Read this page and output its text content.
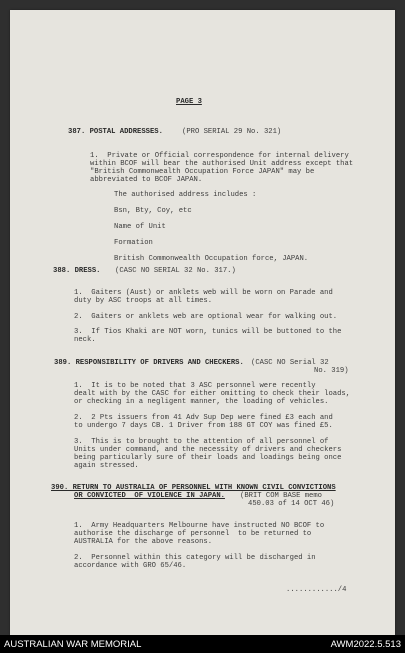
PAGE 3
387. POSTAL ADDRESSES.	(PRO SERIAL 29 No. 321)
1.  Private or Official correspondence for internal delivery
within BCOF will bear the authorised Unit address except that
"British Commonwealth Occupation Force JAPAN" may be
abbreviated to BCOF JAPAN.
The authorised address includes :
Bsn, Bty, Coy, etc
Name of Unit
Formation
British Commonwealth Occupation force, JAPAN.
388. DRESS. (CASC NO SERIAL 32 No. 317.)
1.  Gaiters (Aust) or anklets web will be worn on Parade and
duty by ASC troops at all times.
2.  Gaiters or anklets web are optional wear for walking out.
3.  If Tios Khaki are NOT worn, tunics will be buttoned to the
neck.
389. RESPONSIBILITY OF DRIVERS AND CHECKERS. (CASC NO Serial 32
No. 319)
1.  It is to be noted that 3 ASC personnel were recently
dealt with by the CASC for either omitting to check their loads,
or checking in a negligent manner, the loading of vehicles.
2.  2 Pts issuers from 41 Adv Sup Dep were fined £3 each and
to undergo 7 days CB. 1 Driver from 188 GT COY was fined £5.
3.  This is to brought to the attention of all personnel of
Units under command, and the necessity of drivers and checkers
being particularly sure of their loads and loadings being once
again stressed.
390. RETURN TO AUSTRALIA OF PERSONNEL WITH KNOWN CIVIL CONVICTIONS
OR CONVICTED  OF VIOLENCE IN JAPAN. (BRIT COM BASE memo
450.03 of 14 OCT 46)
1.  Army Headquarters Melbourne have instructed NO BCOF to
authorise the discharge of personnel  to be returned to
AUSTRALIA for the above reasons.
2.  Personnel within this category will be discharged in
accordance with GRO 65/46.
............/4
AUSTRALIAN WAR MEMORIAL	AWM2022.5.513
